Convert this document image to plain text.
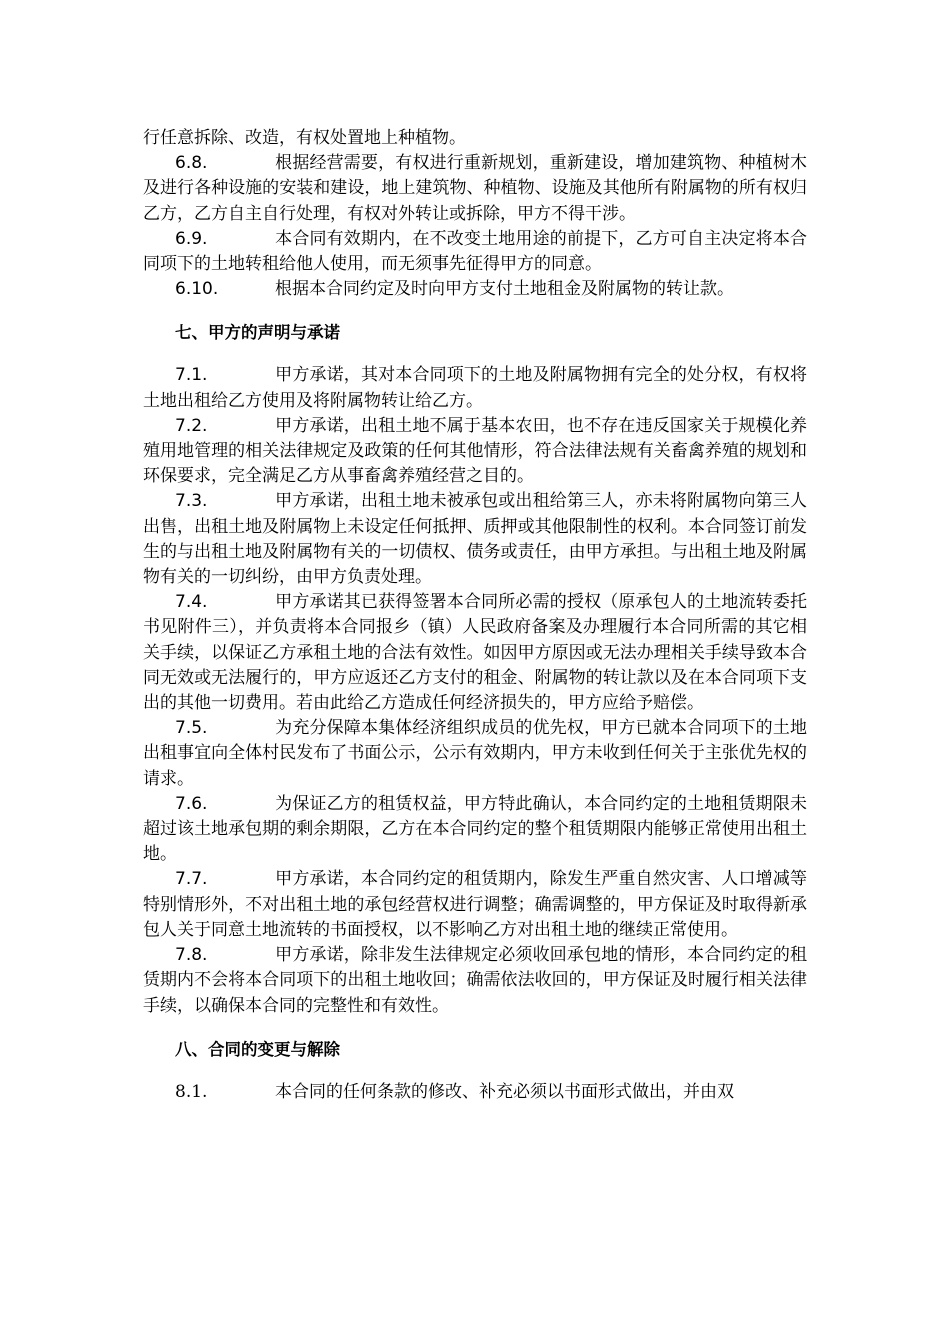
行任意拆除、改造，有权处置地上种植物。

6.8.	根据经营需要，有权进行重新规划，重新建设，增加建筑物、种植树木及进行各种设施的安装和建设，地上建筑物、种植物、设施及其他所有附属物的所有权归乙方，乙方自主自行处理，有权对外转让或拆除，甲方不得干涉。

6.9.	本合同有效期内，在不改变土地用途的前提下，乙方可自主决定将本合同项下的土地转租给他人使用，而无须事先征得甲方的同意。

6.10.	根据本合同约定及时向甲方支付土地租金及附属物的转让款。

七、甲方的声明与承诺

7.1.	甲方承诺，其对本合同项下的土地及附属物拥有完全的处分权，有权将土地出租给乙方使用及将附属物转让给乙方。

7.2.	甲方承诺，出租土地不属于基本农田，也不存在违反国家关于规模化养殖用地管理的相关法律规定及政策的任何其他情形，符合法律法规有关畜禽养殖的规划和环保要求，完全满足乙方从事畜禽养殖经营之目的。

7.3.	甲方承诺，出租土地未被承包或出租给第三人，亦未将附属物向第三人出售，出租土地及附属物上未设定任何抵押、质押或其他限制性的权利。本合同签订前发生的与出租土地及附属物有关的一切债权、债务或责任，由甲方承担。与出租土地及附属物有关的一切纠纷，由甲方负责处理。

7.4.	甲方承诺其已获得签署本合同所必需的授权（原承包人的土地流转委托书见附件三），并负责将本合同报乡（镇）人民政府备案及办理履行本合同所需的其它相关手续，以保证乙方承租土地的合法有效性。如因甲方原因或无法办理相关手续导致本合同无效或无法履行的，甲方应返还乙方支付的租金、附属物的转让款以及在本合同项下支出的其他一切费用。若由此给乙方造成任何经济损失的，甲方应给予赔偿。

7.5.	为充分保障本集体经济组织成员的优先权，甲方已就本合同项下的土地出租事宜向全体村民发布了书面公示，公示有效期内，甲方未收到任何关于主张优先权的请求。

7.6.	为保证乙方的租赁权益，甲方特此确认，本合同约定的土地租赁期限未超过该土地承包期的剩余期限，乙方在本合同约定的整个租赁期限内能够正常使用出租土地。

7.7.	甲方承诺，本合同约定的租赁期内，除发生严重自然灾害、人口增减等特别情形外，不对出租土地的承包经营权进行调整；确需调整的，甲方保证及时取得新承包人关于同意土地流转的书面授权，以不影响乙方对出租土地的继续正常使用。

7.8.	甲方承诺，除非发生法律规定必须收回承包地的情形，本合同约定的租赁期内不会将本合同项下的出租土地收回；确需依法收回的，甲方保证及时履行相关法律手续，以确保本合同的完整性和有效性。

八、合同的变更与解除

8.1.	本合同的任何条款的修改、补充必须以书面形式做出，并由双
